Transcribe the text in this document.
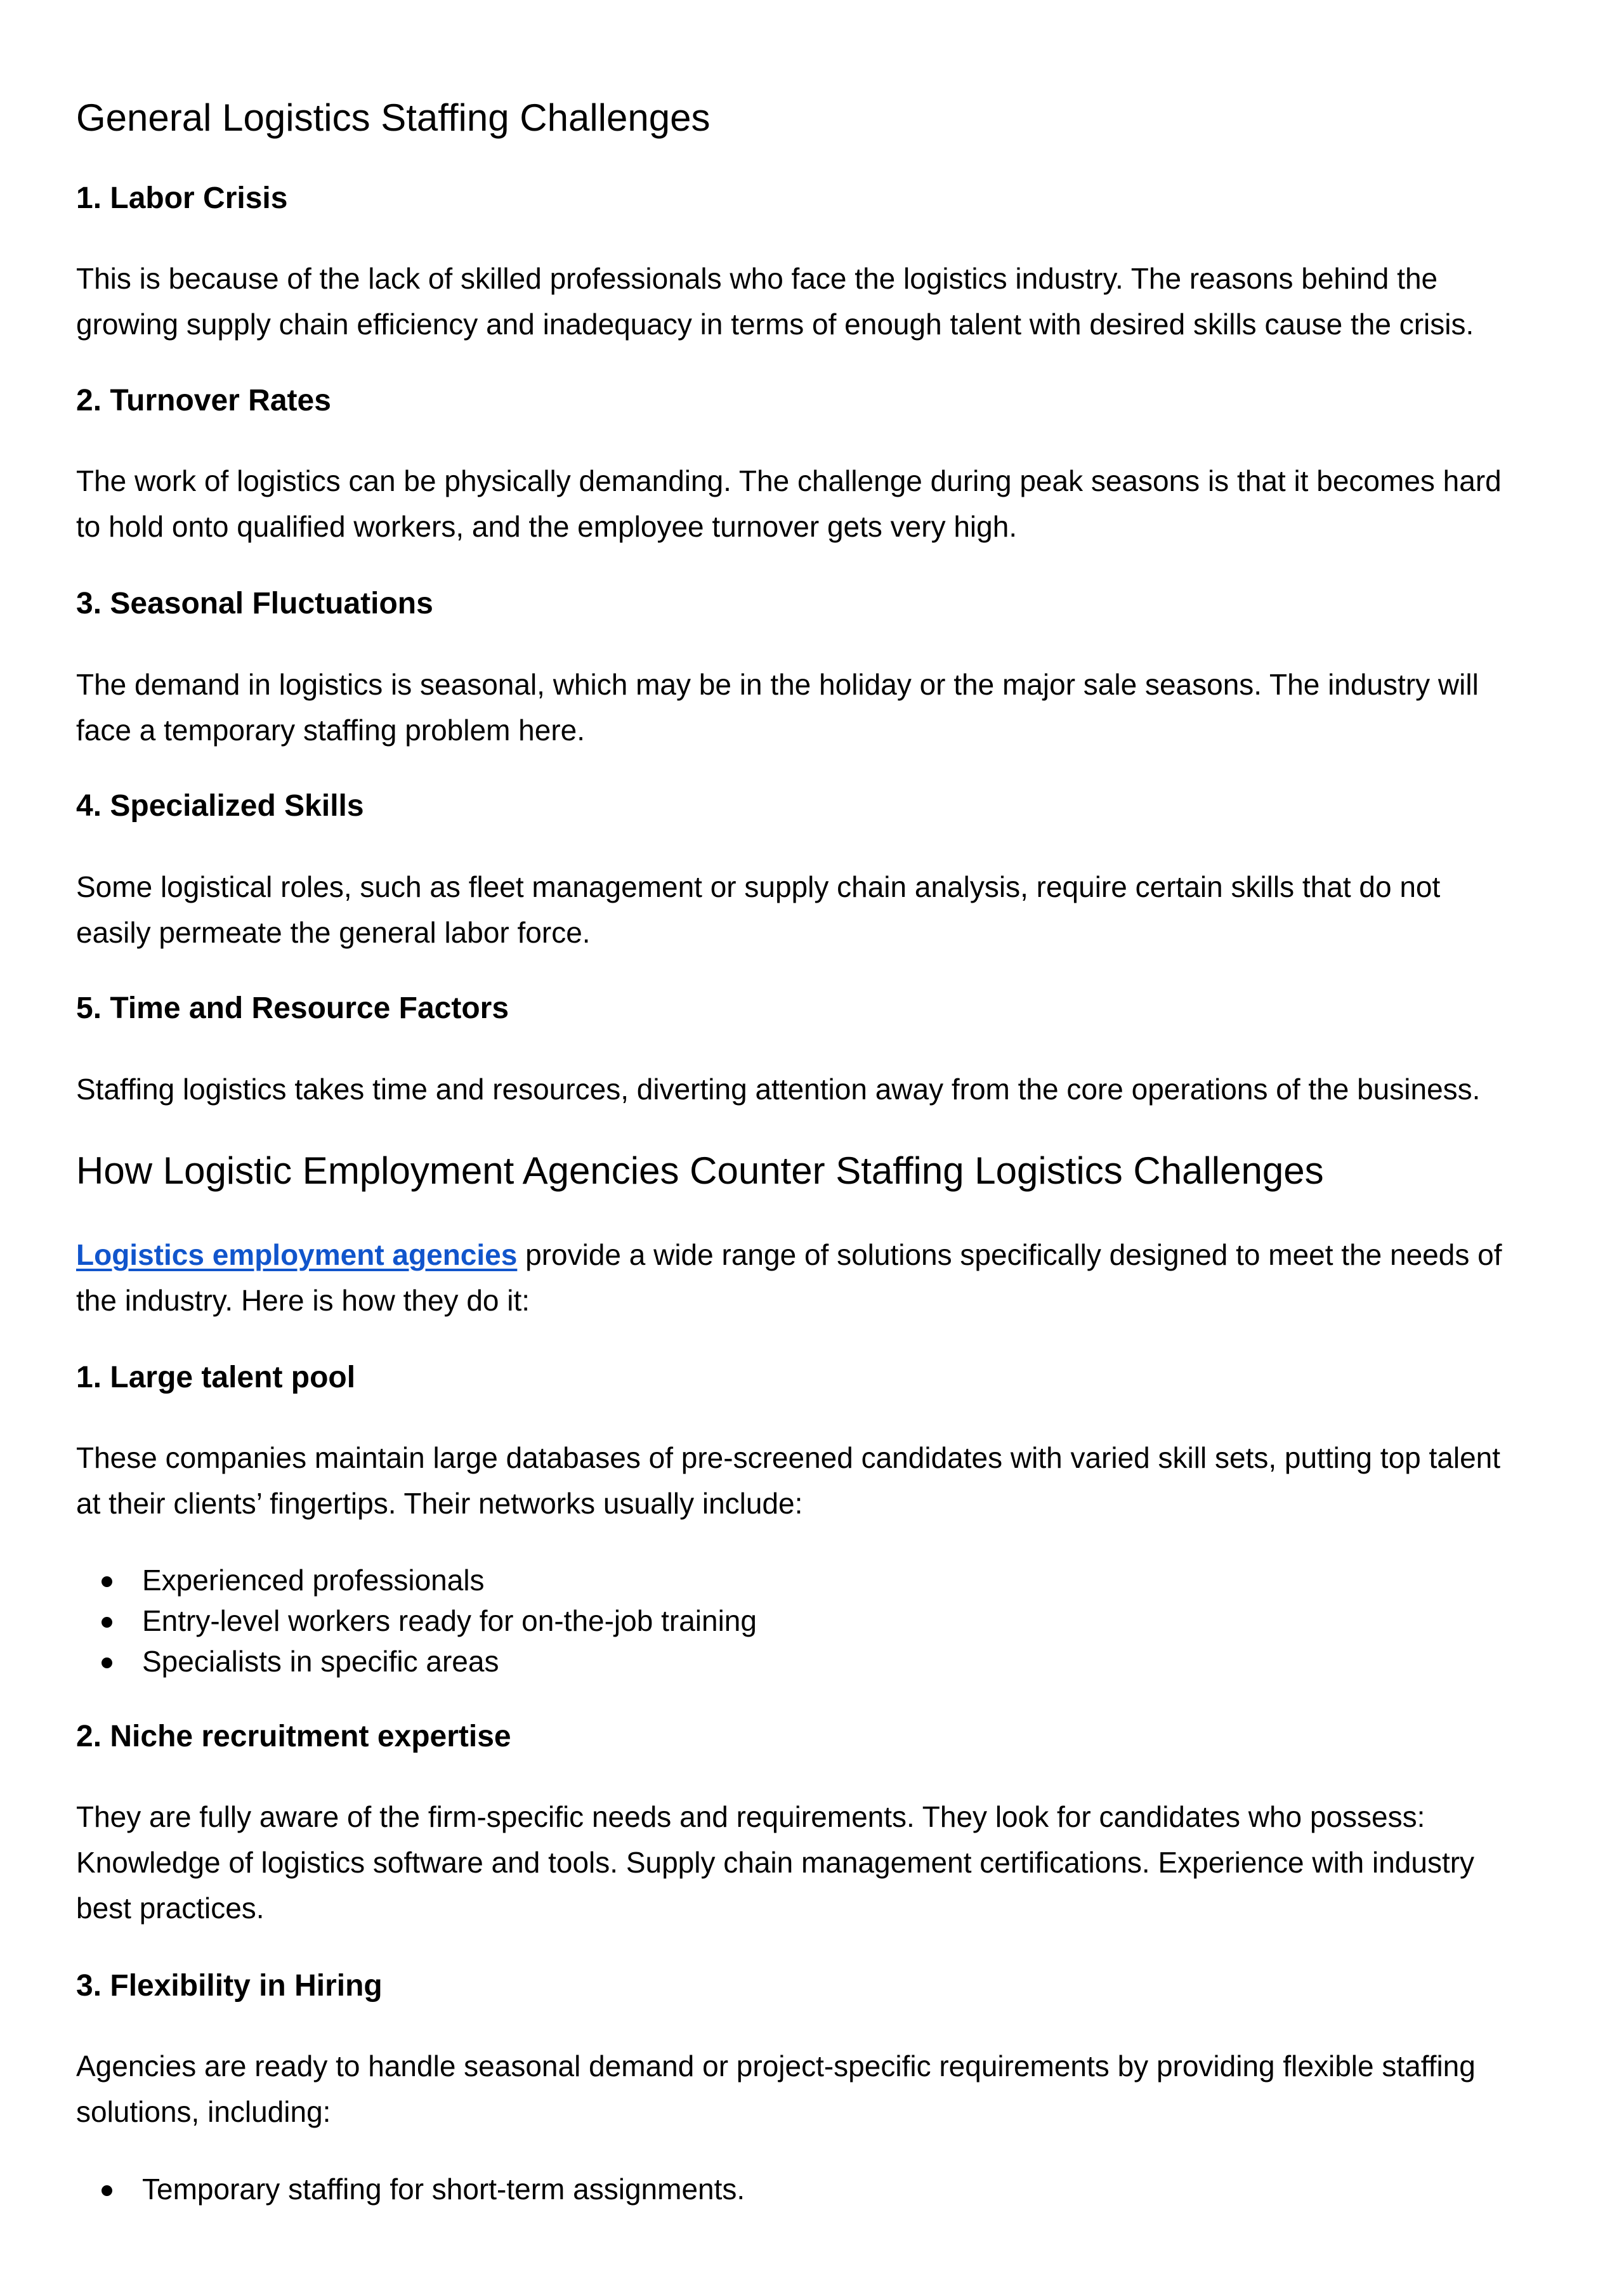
General Logistics Staffing Challenges
1. Labor Crisis
This is because of the lack of skilled professionals who face the logistics industry. The reasons behind the
growing supply chain efficiency and inadequacy in terms of enough talent with desired skills cause the crisis.
2. Turnover Rates
The work of logistics can be physically demanding. The challenge during peak seasons is that it becomes hard
to hold onto qualified workers, and the employee turnover gets very high.
3. Seasonal Fluctuations
The demand in logistics is seasonal, which may be in the holiday or the major sale seasons. The industry will
face a temporary staffing problem here.
4. Specialized Skills
Some logistical roles, such as fleet management or supply chain analysis, require certain skills that do not
easily permeate the general labor force.
5. Time and Resource Factors
Staffing logistics takes time and resources, diverting attention away from the core operations of the business.
How Logistic Employment Agencies Counter Staffing Logistics Challenges
Logistics employment agencies provide a wide range of solutions specifically designed to meet the needs of
the industry. Here is how they do it:
1. Large talent pool
These companies maintain large databases of pre-screened candidates with varied skill sets, putting top talent
at their clients’ fingertips. Their networks usually include:
Experienced professionals
Entry-level workers ready for on-the-job training
Specialists in specific areas
2. Niche recruitment expertise
They are fully aware of the firm-specific needs and requirements. They look for candidates who possess:
Knowledge of logistics software and tools. Supply chain management certifications. Experience with industry
best practices.
3. Flexibility in Hiring
Agencies are ready to handle seasonal demand or project-specific requirements by providing flexible staffing
solutions, including:
Temporary staffing for short-term assignments.
